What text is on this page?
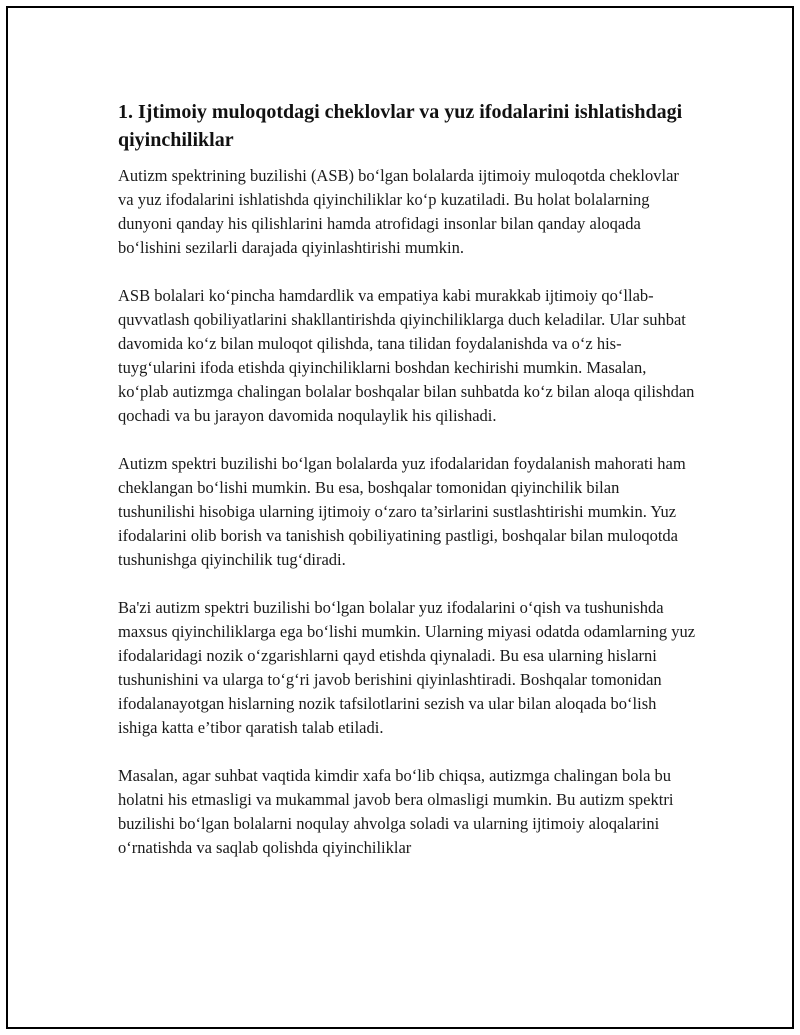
1. Ijtimoiy muloqotdagi cheklovlar va yuz ifodalarini ishlatishdagi qiyinchiliklar

Autizm spektrining buzilishi (ASB) bo‘lgan bolalarda ijtimoiy muloqotda cheklovlar va yuz ifodalarini ishlatishda qiyinchiliklar ko‘p kuzatiladi. Bu holat bolalarning dunyoni qanday his qilishlarini hamda atrofidagi insonlar bilan qanday aloqada bo‘lishini sezilarli darajada qiyinlashtirishi mumkin.

ASB bolalari ko‘pincha hamdardlik va empatiya kabi murakkab ijtimoiy qo‘llab-quvvatlash qobiliyatlarini shakllantirishda qiyinchiliklarga duch keladilar. Ular suhbat davomida ko‘z bilan muloqot qilishda, tana tilidan foydalanishda va o‘z his-tuyg‘ularini ifoda etishda qiyinchiliklarni boshdan kechirishi mumkin. Masalan, ko‘plab autizmga chalingan bolalar boshqalar bilan suhbatda ko‘z bilan aloqa qilishdan qochadi va bu jarayon davomida noqulaylik his qilishadi.

Autizm spektri buzilishi bo‘lgan bolalarda yuz ifodalaridan foydalanish mahorati ham cheklangan bo‘lishi mumkin. Bu esa, boshqalar tomonidan qiyinchilik bilan tushunilishi hisobiga ularning ijtimoiy o‘zaro ta’sirlarini sustlashtirishi mumkin. Yuz ifodalarini olib borish va tanishish qobiliyatining pastligi, boshqalar bilan muloqotda tushunishga qiyinchilik tug‘diradi.

Ba'zi autizm spektri buzilishi bo‘lgan bolalar yuz ifodalarini o‘qish va tushunishda maxsus qiyinchiliklarga ega bo‘lishi mumkin. Ularning miyasi odatda odamlarning yuz ifodalaridagi nozik o‘zgarishlarni qayd etishda qiynaladi. Bu esa ularning hislarni tushunishini va ularga to‘g‘ri javob berishini qiyinlashtiradi. Boshqalar tomonidan ifodalanayotgan hislarning nozik tafsilotlarini sezish va ular bilan aloqada bo‘lish ishiga katta e’tibor qaratish talab etiladi.

Masalan, agar suhbat vaqtida kimdir xafa bo‘lib chiqsa, autizmga chalingan bola bu holatni his etmasligi va mukammal javob bera olmasligi mumkin. Bu autizm spektri buzilishi bo‘lgan bolalarni noqulay ahvolga soladi va ularning ijtimoiy aloqalarini o‘rnatishda va saqlab qolishda qiyinchiliklar
